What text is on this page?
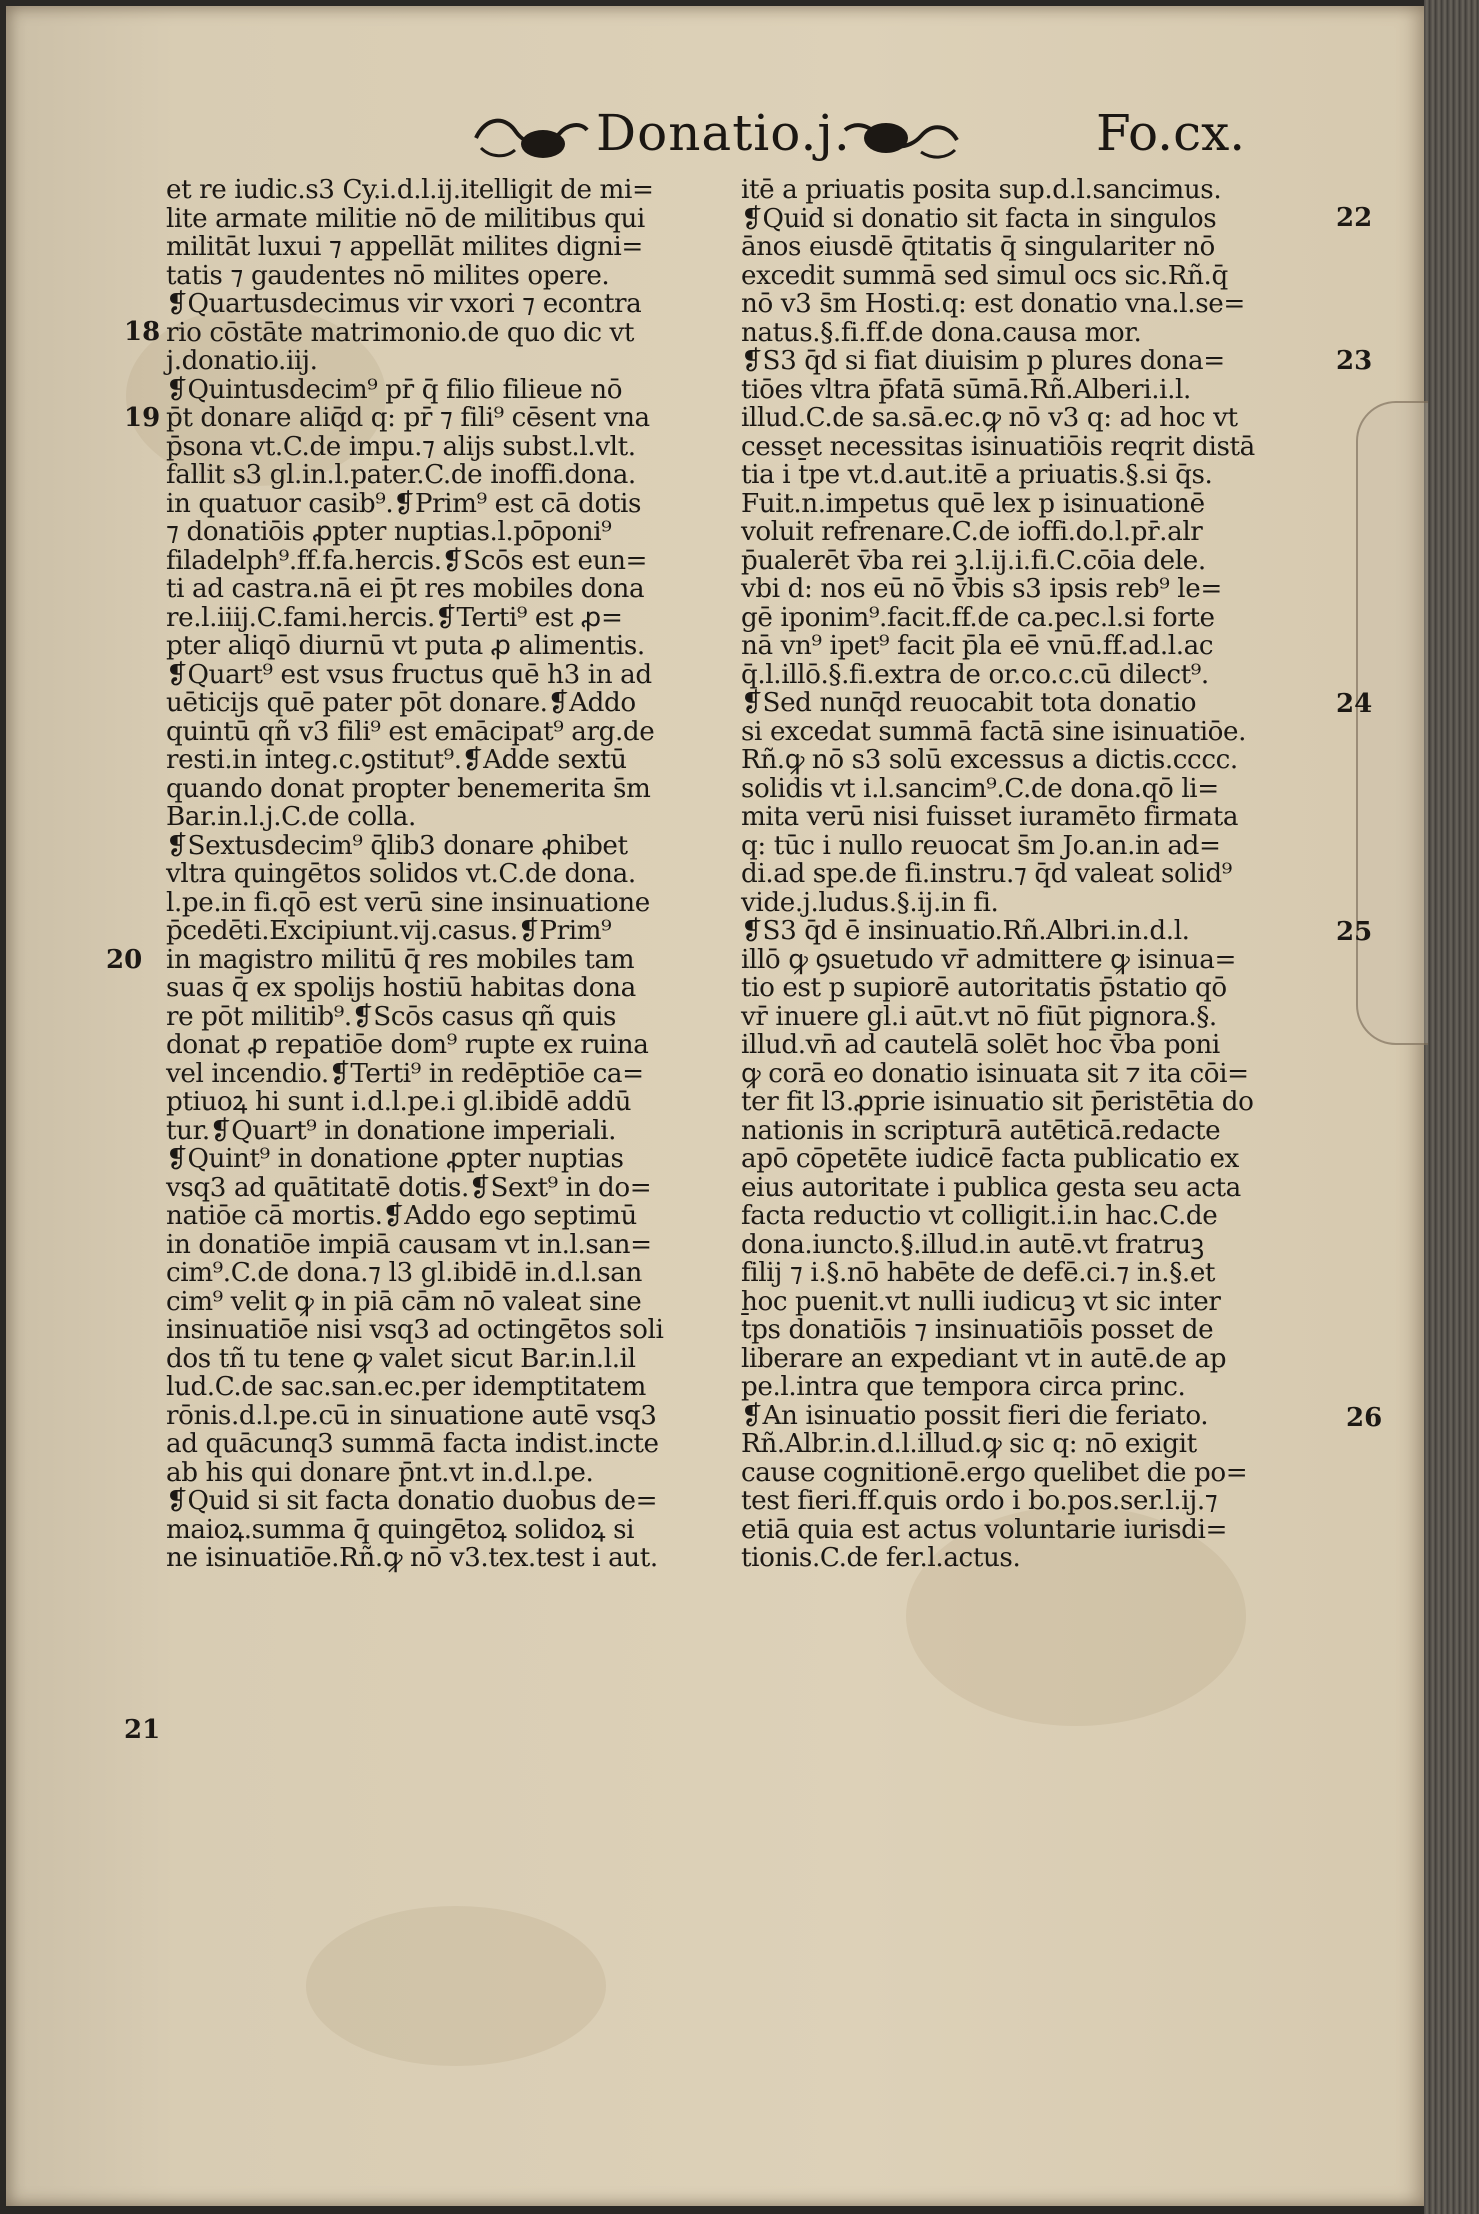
Donatio.j.	Fo.cx.
et re iudic.s3 Cy.i.d.l.ij.itelligit de mi=
lite armate militie nō de militibus qui
militāt luxui ⁊ appellāt milites digni=
tatis ⁊ gaudentes nō milites opere.
❡Quartusdecimus vir vxori ⁊ econtra
rio cōstāte matrimonio.de quo dic vt
j.donatio.iij.
❡Quintusdecim⁹ pr̄ q̄ filio filieue nō
p̄t donare aliq̄d q: pr̄ ⁊ fili⁹ cēsent vna
p̄sona vt.C.de impu.⁊ alijs subst.l.vlt.
fallit s3 gl.in.l.pater.C.de inoffi.dona.
in quatuor casib⁹.❡Prim⁹ est cā dotis
⁊ donatiōis ꝓpter nuptias.l.pōponi⁹
filadelph⁹.ff.fa.hercis.❡Scōs est eun=
ti ad castra.nā ei p̄t res mobiles dona
re.l.iiij.C.fami.hercis.❡Terti⁹ est ꝓ=
pter aliqō diurnū vt puta ꝓ alimentis.
❡Quart⁹ est vsus fructus quē h3 in ad
uēticijs quē pater pōt donare.❡Addo
quintū qñ v3 fili⁹ est emācipat⁹ arg.de
resti.in integ.c.ꝯstitut⁹.❡Adde sextū
quando donat propter benemerita s̄m
Bar.in.l.j.C.de colla.
❡Sextusdecim⁹ q̄lib3 donare ꝓhibet
vltra quingētos solidos vt.C.de dona.
l.pe.in fi.qō est verū sine insinuatione
p̄cedēti.Excipiunt.vij.casus.❡Prim⁹
in magistro militū q̄ res mobiles tam
suas q̄ ex spolijs hostiū habitas dona
re pōt militib⁹.❡Scōs casus qñ quis
donat ꝓ repatiōe dom⁹ rupte ex ruina
vel incendio.❡Terti⁹ in redēptiōe ca=
ptiuoꝝ hi sunt i.d.l.pe.i gl.ibidē addū
tur.❡Quart⁹ in donatione imperiali.
❡Quint⁹ in donatione ꝓpter nuptias
vsq3 ad quātitatē dotis.❡Sext⁹ in do=
natiōe cā mortis.❡Addo ego septimū
in donatiōe impiā causam vt in.l.san=
cim⁹.C.de dona.⁊ l3 gl.ibidē in.d.l.san
cim⁹ velit ꝙ in piā cām nō valeat sine
insinuatiōe nisi vsq3 ad octingētos soli
dos tñ tu tene ꝙ valet sicut Bar.in.l.il
lud.C.de sac.san.ec.per idemptitatem
rōnis.d.l.pe.cū in sinuatione autē vsq3
ad quācunq3 summā facta indist.incte
ab his qui donare p̄nt.vt in.d.l.pe.
❡Quid si sit facta donatio duobus de=
maioꝝ.summa q̄ quingētoꝝ solidoꝝ si
ne isinuatiōe.Rñ.ꝙ nō v3.tex.test i aut.
itē a priuatis posita sup.d.l.sancimus.
❡Quid si donatio sit facta in singulos
ānos eiusdē q̄titatis q̄ singulariter nō
excedit summā sed simul ocs sic.Rñ.q̄
nō v3 s̄m Hosti.q: est donatio vna.l.se=
natus.§.fi.ff.de dona.causa mor.
❡S3 q̄d si fiat diuisim p plures dona=
tiōes vltra p̄fatā sūmā.Rñ.Alberi.i.l.
illud.C.de sa.sā.ec.ꝙ nō v3 q: ad hoc vt
cesset necessitas isinuatiōis reqrit distā
tia i t̄pe vt.d.aut.itē a priuatis.§.si q̄s.
Fuit.n.impetus quē lex p isinuationē
voluit refrenare.C.de ioffi.do.l.pr̄.alr
p̄ualerēt v̄ba rei ꝫ.l.ij.i.fi.C.cōia dele.
vbi d: nos eū nō v̄bis s3 ipsis reb⁹ le=
gē iponim⁹.facit.ff.de ca.pec.l.si forte
nā vn⁹ ipet⁹ facit p̄la eē vnū.ff.ad.l.ac
q̄.l.illō.§.fi.extra de or.co.c.cū dilect⁹.
❡Sed nunq̄d reuocabit tota donatio
si excedat summā factā sine isinuatiōe.
Rñ.ꝙ nō s3 solū excessus a dictis.cccc.
solidis vt i.l.sancim⁹.C.de dona.qō li=
mita verū nisi fuisset iuramēto firmata
q: tūc i nullo reuocat s̄m Jo.an.in ad=
di.ad spe.de fi.instru.⁊ q̄d valeat solid⁹
vide.j.ludus.§.ij.in fi.
❡S3 q̄d ē insinuatio.Rñ.Albri.in.d.l.
illō ꝙ ꝯsuetudo vr̄ admittere ꝙ isinua=
tio est p supiorē autoritatis p̄statio qō
vr̄ inuere gl.i aūt.vt nō fiūt pignora.§.
illud.vn̄ ad cautelā solēt hoc v̄ba poni
ꝙ corā eo donatio isinuata sit ⁊ ita cōi=
ter fit l3.ꝓprie isinuatio sit p̄eristētia do
nationis in scripturā autēticā.redacte
apō cōpetēte iudicē facta publicatio ex
eius autoritate i publica gesta seu acta
facta reductio vt colligit.i.in hac.C.de
dona.iuncto.§.illud.in autē.vt fratruꝫ
filij ⁊ i.§.nō habēte de defē.ci.⁊ in.§.et
hoc puenit.vt nulli iudicuꝫ vt sic inter
t̄ps donatiōis ⁊ insinuatiōis posset de
liberare an expediant vt in autē.de ap
pe.l.intra que tempora circa princ.
❡An isinuatio possit fieri die feriato.
Rñ.Albr.in.d.l.illud.ꝙ sic q: nō exigit
cause cognitionē.ergo quelibet die po=
test fieri.ff.quis ordo i bo.pos.ser.l.ij.⁊
etiā quia est actus voluntarie iurisdi=
tionis.C.de fer.l.actus.
18
19
20
21
22
23
24
25
26
